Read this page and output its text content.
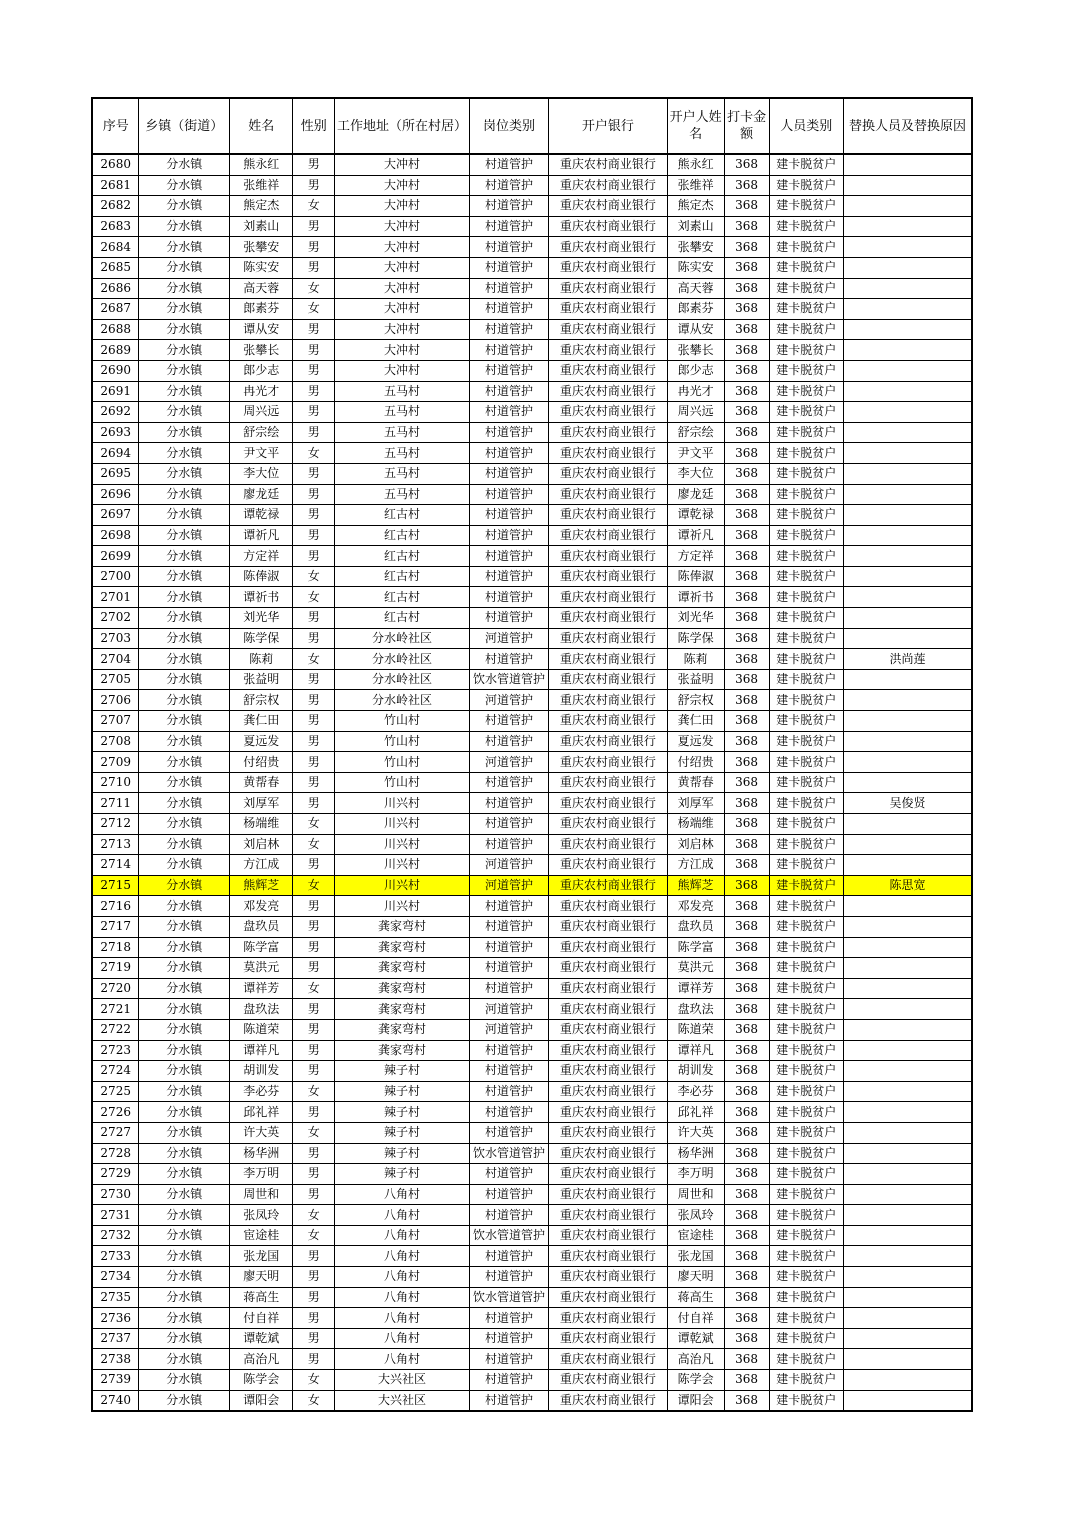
序号	乡镇（街道）	姓名	性别	工作地址（所在村居）	岗位类别	开户银行	开户人姓名	打卡金额	人员类别	替换人员及替换原因
2680	分水镇	熊永红	男	大冲村	村道管护	重庆农村商业银行	熊永红	368	建卡脱贫户	
2681	分水镇	张维祥	男	大冲村	村道管护	重庆农村商业银行	张维祥	368	建卡脱贫户	
2682	分水镇	熊定杰	女	大冲村	村道管护	重庆农村商业银行	熊定杰	368	建卡脱贫户	
2683	分水镇	刘素山	男	大冲村	村道管护	重庆农村商业银行	刘素山	368	建卡脱贫户	
2684	分水镇	张攀安	男	大冲村	村道管护	重庆农村商业银行	张攀安	368	建卡脱贫户	
2685	分水镇	陈实安	男	大冲村	村道管护	重庆农村商业银行	陈实安	368	建卡脱贫户	
2686	分水镇	高天蓉	女	大冲村	村道管护	重庆农村商业银行	高天蓉	368	建卡脱贫户	
2687	分水镇	郎素芬	女	大冲村	村道管护	重庆农村商业银行	郎素芬	368	建卡脱贫户	
2688	分水镇	谭从安	男	大冲村	村道管护	重庆农村商业银行	谭从安	368	建卡脱贫户	
2689	分水镇	张攀长	男	大冲村	村道管护	重庆农村商业银行	张攀长	368	建卡脱贫户	
2690	分水镇	郎少志	男	大冲村	村道管护	重庆农村商业银行	郎少志	368	建卡脱贫户	
2691	分水镇	冉光才	男	五马村	村道管护	重庆农村商业银行	冉光才	368	建卡脱贫户	
2692	分水镇	周兴远	男	五马村	村道管护	重庆农村商业银行	周兴远	368	建卡脱贫户	
2693	分水镇	舒宗绘	男	五马村	村道管护	重庆农村商业银行	舒宗绘	368	建卡脱贫户	
2694	分水镇	尹文平	女	五马村	村道管护	重庆农村商业银行	尹文平	368	建卡脱贫户	
2695	分水镇	李大位	男	五马村	村道管护	重庆农村商业银行	李大位	368	建卡脱贫户	
2696	分水镇	廖龙廷	男	五马村	村道管护	重庆农村商业银行	廖龙廷	368	建卡脱贫户	
2697	分水镇	谭乾禄	男	红古村	村道管护	重庆农村商业银行	谭乾禄	368	建卡脱贫户	
2698	分水镇	谭祈凡	男	红古村	村道管护	重庆农村商业银行	谭祈凡	368	建卡脱贫户	
2699	分水镇	方定祥	男	红古村	村道管护	重庆农村商业银行	方定祥	368	建卡脱贫户	
2700	分水镇	陈俸淑	女	红古村	村道管护	重庆农村商业银行	陈俸淑	368	建卡脱贫户	
2701	分水镇	谭祈书	女	红古村	村道管护	重庆农村商业银行	谭祈书	368	建卡脱贫户	
2702	分水镇	刘光华	男	红古村	村道管护	重庆农村商业银行	刘光华	368	建卡脱贫户	
2703	分水镇	陈学保	男	分水岭社区	河道管护	重庆农村商业银行	陈学保	368	建卡脱贫户	
2704	分水镇	陈莉	女	分水岭社区	村道管护	重庆农村商业银行	陈莉	368	建卡脱贫户	洪尚莲
2705	分水镇	张益明	男	分水岭社区	饮水管道管护	重庆农村商业银行	张益明	368	建卡脱贫户	
2706	分水镇	舒宗权	男	分水岭社区	河道管护	重庆农村商业银行	舒宗权	368	建卡脱贫户	
2707	分水镇	龚仁田	男	竹山村	村道管护	重庆农村商业银行	龚仁田	368	建卡脱贫户	
2708	分水镇	夏远发	男	竹山村	村道管护	重庆农村商业银行	夏远发	368	建卡脱贫户	
2709	分水镇	付绍贵	男	竹山村	河道管护	重庆农村商业银行	付绍贵	368	建卡脱贫户	
2710	分水镇	黄帮春	男	竹山村	村道管护	重庆农村商业银行	黄帮春	368	建卡脱贫户	
2711	分水镇	刘厚军	男	川兴村	村道管护	重庆农村商业银行	刘厚军	368	建卡脱贫户	吴俊贤
2712	分水镇	杨端维	女	川兴村	村道管护	重庆农村商业银行	杨端维	368	建卡脱贫户	
2713	分水镇	刘启林	女	川兴村	村道管护	重庆农村商业银行	刘启林	368	建卡脱贫户	
2714	分水镇	方江成	男	川兴村	河道管护	重庆农村商业银行	方江成	368	建卡脱贫户	
2715	分水镇	熊辉芝	女	川兴村	河道管护	重庆农村商业银行	熊辉芝	368	建卡脱贫户	陈思宽
2716	分水镇	邓发亮	男	川兴村	村道管护	重庆农村商业银行	邓发亮	368	建卡脱贫户	
2717	分水镇	盘玖员	男	龚家弯村	村道管护	重庆农村商业银行	盘玖员	368	建卡脱贫户	
2718	分水镇	陈学富	男	龚家弯村	村道管护	重庆农村商业银行	陈学富	368	建卡脱贫户	
2719	分水镇	莫洪元	男	龚家弯村	村道管护	重庆农村商业银行	莫洪元	368	建卡脱贫户	
2720	分水镇	谭祥芳	女	龚家弯村	村道管护	重庆农村商业银行	谭祥芳	368	建卡脱贫户	
2721	分水镇	盘玖法	男	龚家弯村	河道管护	重庆农村商业银行	盘玖法	368	建卡脱贫户	
2722	分水镇	陈道荣	男	龚家弯村	河道管护	重庆农村商业银行	陈道荣	368	建卡脱贫户	
2723	分水镇	谭祥凡	男	龚家弯村	村道管护	重庆农村商业银行	谭祥凡	368	建卡脱贫户	
2724	分水镇	胡训发	男	辣子村	村道管护	重庆农村商业银行	胡训发	368	建卡脱贫户	
2725	分水镇	李必芬	女	辣子村	村道管护	重庆农村商业银行	李必芬	368	建卡脱贫户	
2726	分水镇	邱礼祥	男	辣子村	村道管护	重庆农村商业银行	邱礼祥	368	建卡脱贫户	
2727	分水镇	许大英	女	辣子村	村道管护	重庆农村商业银行	许大英	368	建卡脱贫户	
2728	分水镇	杨华洲	男	辣子村	饮水管道管护	重庆农村商业银行	杨华洲	368	建卡脱贫户	
2729	分水镇	李万明	男	辣子村	村道管护	重庆农村商业银行	李万明	368	建卡脱贫户	
2730	分水镇	周世和	男	八角村	村道管护	重庆农村商业银行	周世和	368	建卡脱贫户	
2731	分水镇	张凤玲	女	八角村	村道管护	重庆农村商业银行	张凤玲	368	建卡脱贫户	
2732	分水镇	宦途桂	女	八角村	饮水管道管护	重庆农村商业银行	宦途桂	368	建卡脱贫户	
2733	分水镇	张龙国	男	八角村	村道管护	重庆农村商业银行	张龙国	368	建卡脱贫户	
2734	分水镇	廖天明	男	八角村	村道管护	重庆农村商业银行	廖天明	368	建卡脱贫户	
2735	分水镇	蒋高生	男	八角村	饮水管道管护	重庆农村商业银行	蒋高生	368	建卡脱贫户	
2736	分水镇	付自祥	男	八角村	村道管护	重庆农村商业银行	付自祥	368	建卡脱贫户	
2737	分水镇	谭乾斌	男	八角村	村道管护	重庆农村商业银行	谭乾斌	368	建卡脱贫户	
2738	分水镇	高治凡	男	八角村	村道管护	重庆农村商业银行	高治凡	368	建卡脱贫户	
2739	分水镇	陈学会	女	大兴社区	村道管护	重庆农村商业银行	陈学会	368	建卡脱贫户	
2740	分水镇	谭阳会	女	大兴社区	村道管护	重庆农村商业银行	谭阳会	368	建卡脱贫户	
